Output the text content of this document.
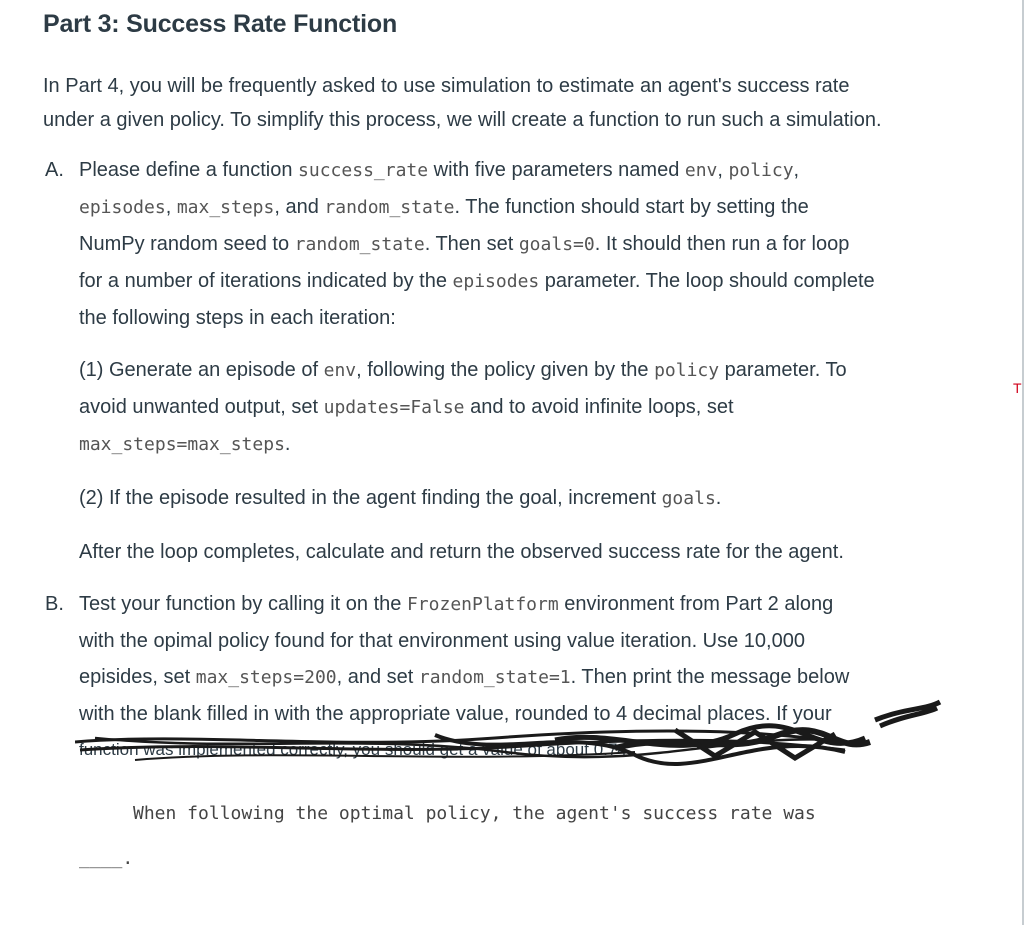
Part 3: Success Rate Function

In Part 4, you will be frequently asked to use simulation to estimate an agent's success rate
under a given policy. To simplify this process, we will create a function to run such a simulation.

A. Please define a function success_rate with five parameters named env, policy,
episodes, max_steps, and random_state. The function should start by setting the
NumPy random seed to random_state. Then set goals=0. It should then run a for loop
for a number of iterations indicated by the episodes parameter. The loop should complete
the following steps in each iteration:
(1) Generate an episode of env, following the policy given by the policy parameter. To
avoid unwanted output, set updates=False and to avoid infinite loops, set
max_steps=max_steps.
(2) If the episode resulted in the agent finding the goal, increment goals.
After the loop completes, calculate and return the observed success rate for the agent.
B. Test your function by calling it on the FrozenPlatform environment from Part 2 along
with the opimal policy found for that environment using value iteration. Use 10,000
episides, set max_steps=200, and set random_state=1. Then print the message below
with the blank filled in with the appropriate value, rounded to 4 decimal places. If your
function was implemented correctly, you should get a value of about 0.74.
When following the optimal policy, the agent's success rate was
____.
T
